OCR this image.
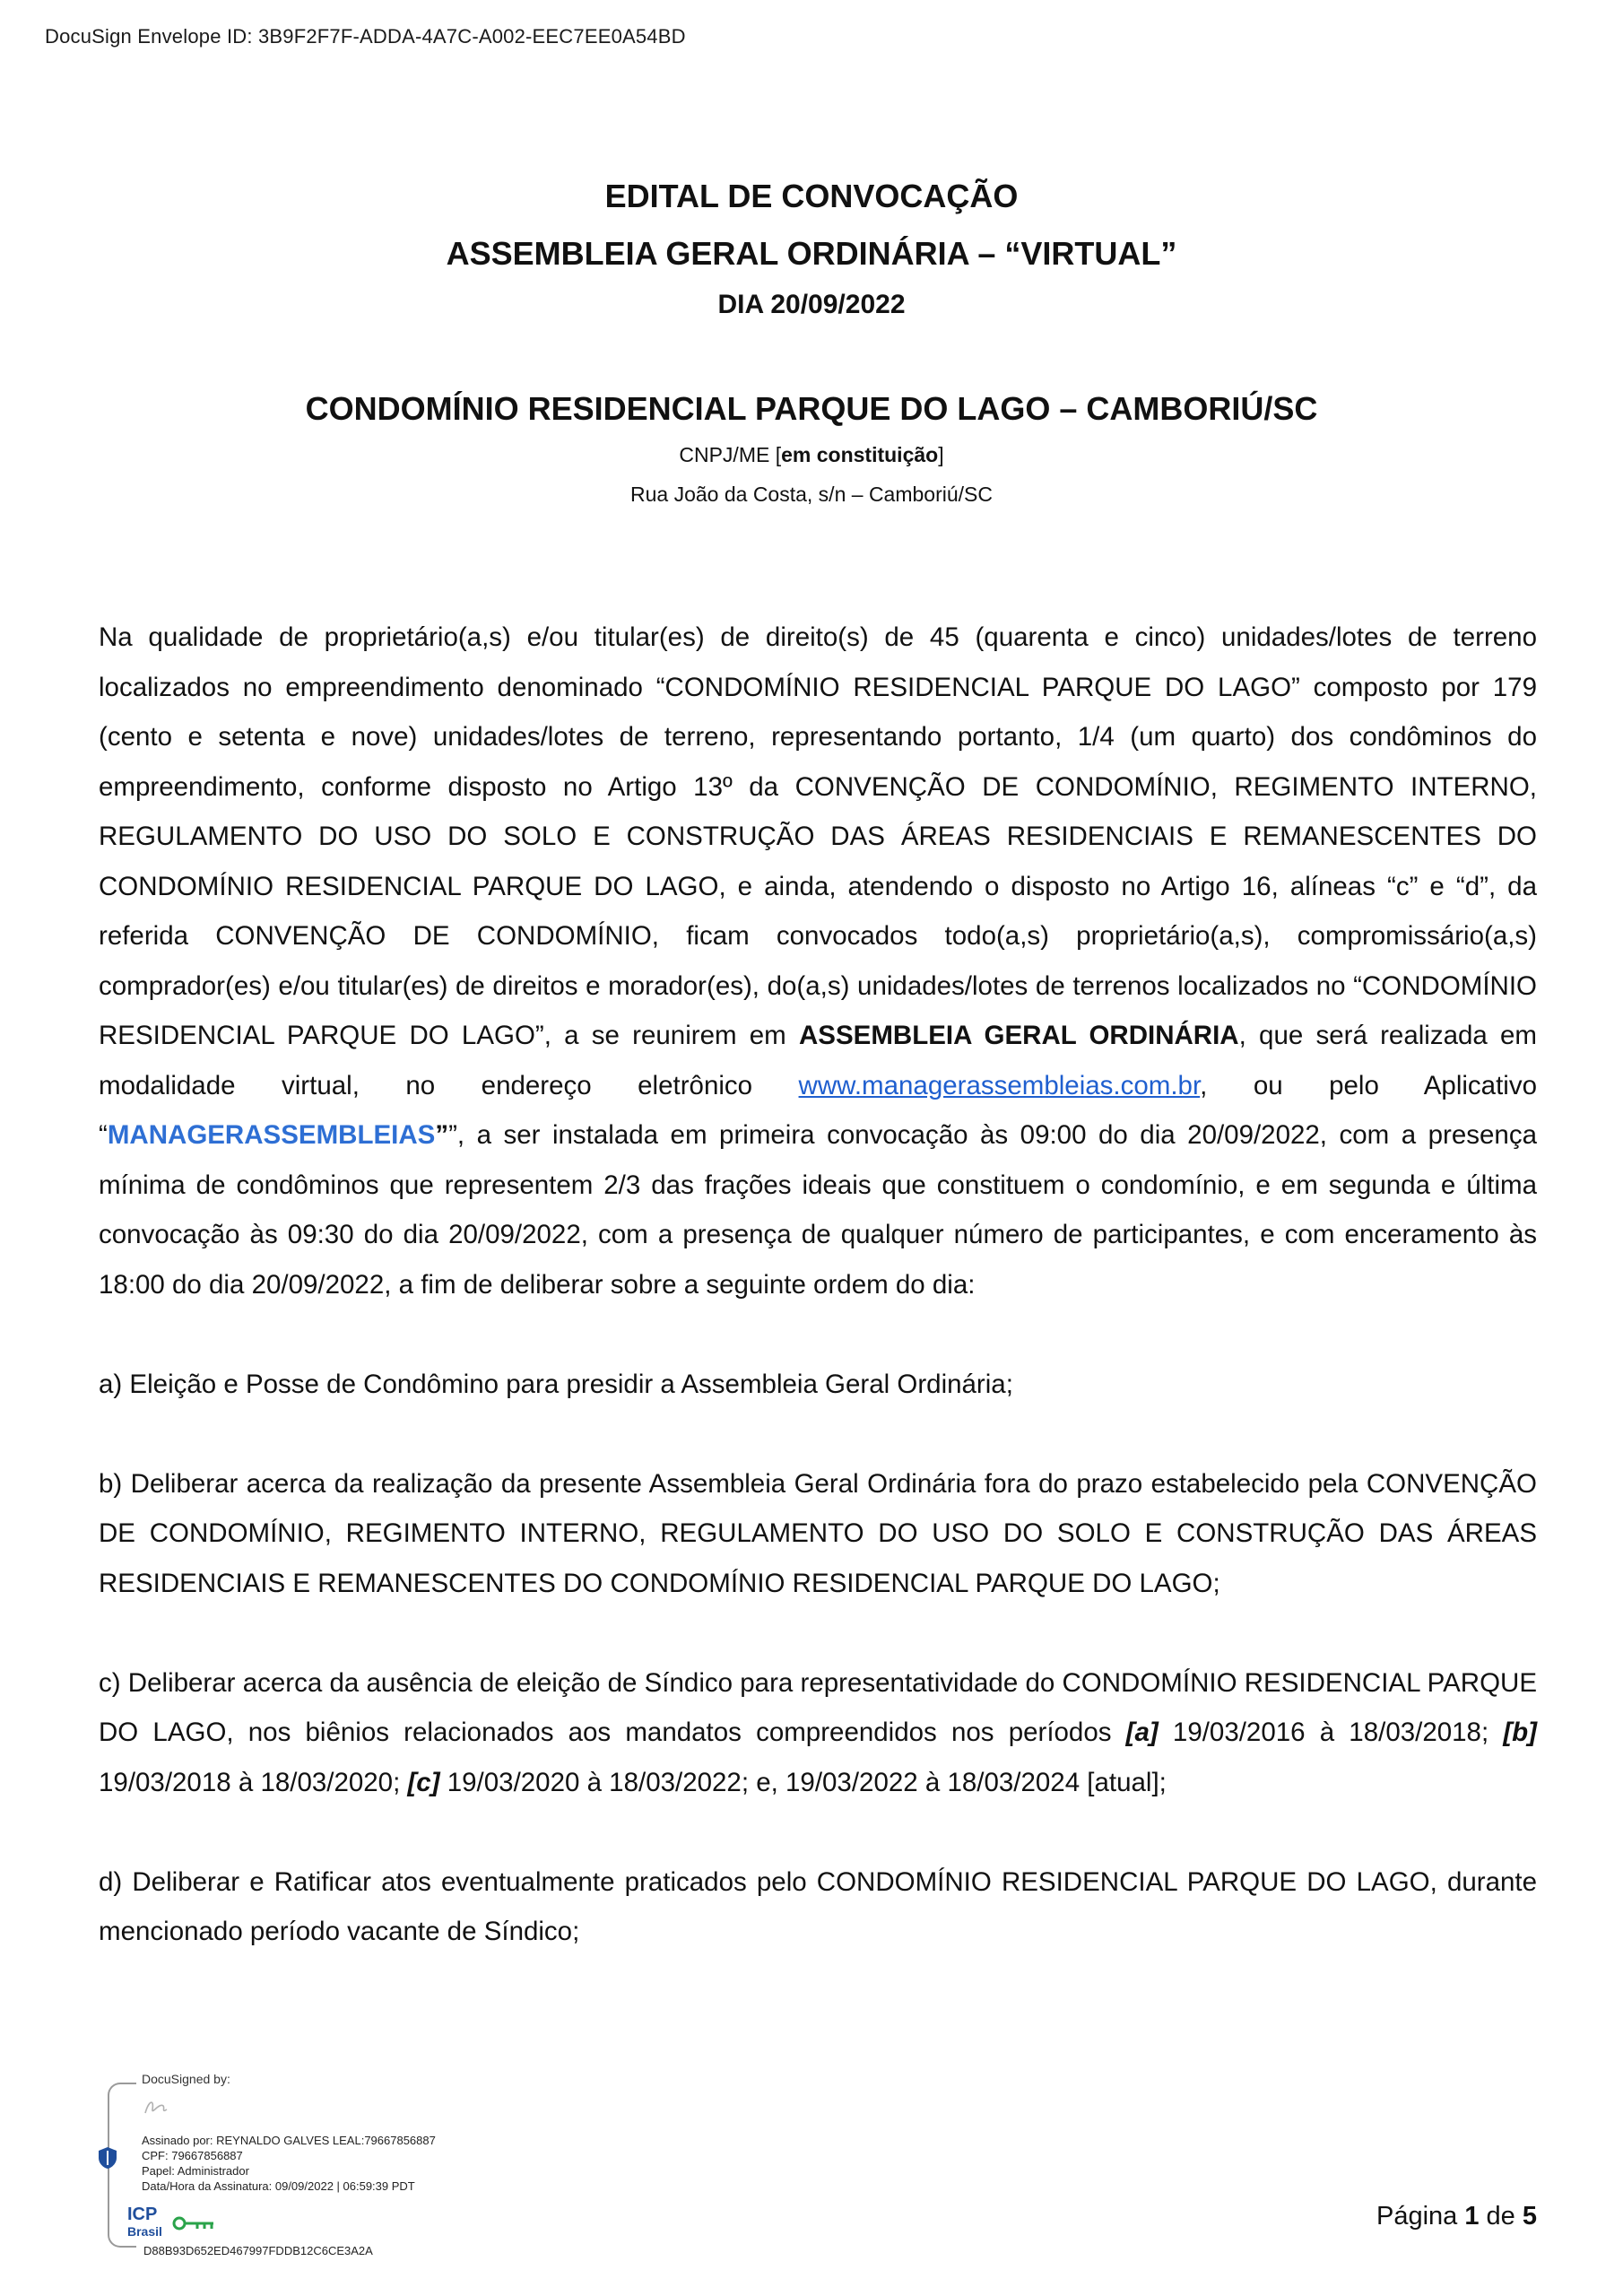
DocuSign Envelope ID: 3B9F2F7F-ADDA-4A7C-A002-EEC7EE0A54BD
EDITAL DE CONVOCAÇÃO
ASSEMBLEIA GERAL ORDINÁRIA – “VIRTUAL”
DIA 20/09/2022
CONDOMÍNIO RESIDENCIAL PARQUE DO LAGO – CAMBORIÚ/SC
CNPJ/ME [em constituição]
Rua João da Costa, s/n – Camboriú/SC

Na qualidade de proprietário(a,s) e/ou titular(es) de direito(s) de 45 (quarenta e cinco) unidades/lotes de terreno localizados no empreendimento denominado “CONDOMÍNIO RESIDENCIAL PARQUE DO LAGO” composto por 179 (cento e setenta e nove) unidades/lotes de terreno, representando portanto, 1/4 (um quarto) dos condôminos do empreendimento, conforme disposto no Artigo 13º da CONVENÇÃO DE CONDOMÍNIO, REGIMENTO INTERNO, REGULAMENTO DO USO DO SOLO E CONSTRUÇÃO DAS ÁREAS RESIDENCIAIS E REMANESCENTES DO CONDOMÍNIO RESIDENCIAL PARQUE DO LAGO, e ainda, atendendo o disposto no Artigo 16, alíneas “c” e “d”, da referida CONVENÇÃO DE CONDOMÍNIO, ficam convocados todo(a,s) proprietário(a,s), compromissário(a,s) comprador(es) e/ou titular(es) de direitos e morador(es), do(a,s) unidades/lotes de terrenos localizados no “CONDOMÍNIO RESIDENCIAL PARQUE DO LAGO”, a se reunirem em ASSEMBLEIA GERAL ORDINÁRIA, que será realizada em modalidade virtual, no endereço eletrônico www.managerassembleias.com.br, ou pelo Aplicativo “MANAGERASSEMBLEIAS””, a ser instalada em primeira convocação às 09:00 do dia 20/09/2022, com a presença mínima de condôminos que representem 2/3 das frações ideais que constituem o condomínio, e em segunda e última convocação às 09:30 do dia 20/09/2022, com a presença de qualquer número de participantes, e com enceramento às 18:00 do dia 20/09/2022, a fim de deliberar sobre a seguinte ordem do dia:

a) Eleição e Posse de Condômino para presidir a Assembleia Geral Ordinária;

b) Deliberar acerca da realização da presente Assembleia Geral Ordinária fora do prazo estabelecido pela CONVENÇÃO DE CONDOMÍNIO, REGIMENTO INTERNO, REGULAMENTO DO USO DO SOLO E CONSTRUÇÃO DAS ÁREAS RESIDENCIAIS E REMANESCENTES DO CONDOMÍNIO RESIDENCIAL PARQUE DO LAGO;

c) Deliberar acerca da ausência de eleição de Síndico para representatividade do CONDOMÍNIO RESIDENCIAL PARQUE DO LAGO, nos biênios relacionados aos mandatos compreendidos nos períodos [a] 19/03/2016 à 18/03/2018; [b] 19/03/2018 à 18/03/2020; [c] 19/03/2020 à 18/03/2022; e, 19/03/2022 à 18/03/2024 [atual];

d) Deliberar e Ratificar atos eventualmente praticados pelo CONDOMÍNIO RESIDENCIAL PARQUE DO LAGO, durante mencionado período vacante de Síndico;

DocuSigned by:
Assinado por: REYNALDO GALVES LEAL:79667856887
CPF: 79667856887
Papel: Administrador
Data/Hora da Assinatura: 09/09/2022 | 06:59:39 PDT
ICP
Brasil
D88B93D652ED467997FDDB12C6CE3A2A
Página 1 de 5
